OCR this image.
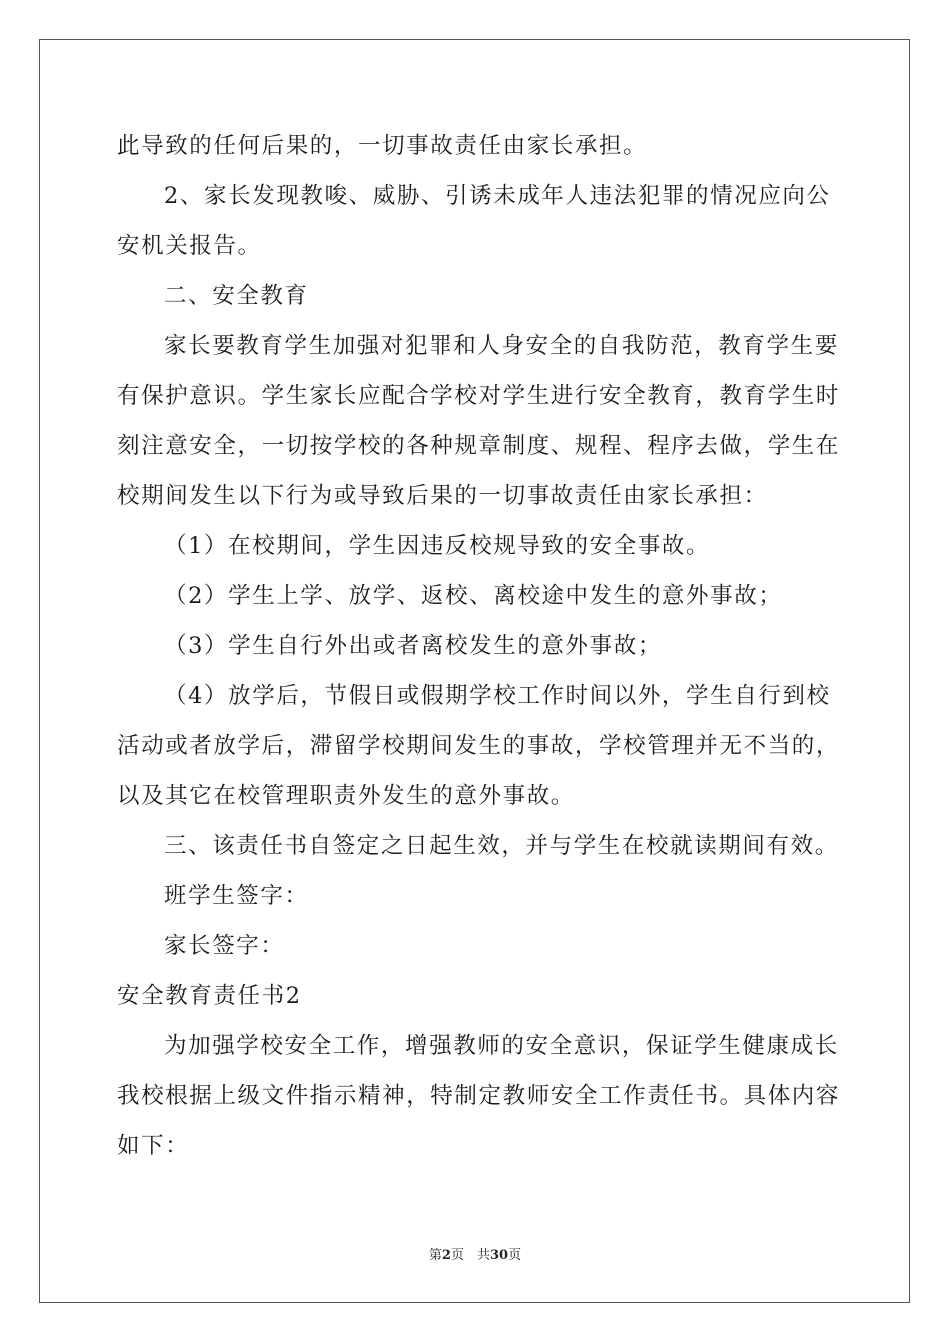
此导致的任何后果的，一切事故责任由家长承担。
2、家长发现教唆、威胁、引诱未成年人违法犯罪的情况应向公
安机关报告。
二、安全教育
家长要教育学生加强对犯罪和人身安全的自我防范，教育学生要
有保护意识。学生家长应配合学校对学生进行安全教育，教育学生时
刻注意安全，一切按学校的各种规章制度、规程、程序去做，学生在
校期间发生以下行为或导致后果的一切事故责任由家长承担：
（1）在校期间，学生因违反校规导致的安全事故。
（2）学生上学、放学、返校、离校途中发生的意外事故；
（3）学生自行外出或者离校发生的意外事故；
（4）放学后，节假日或假期学校工作时间以外，学生自行到校
活动或者放学后，滞留学校期间发生的事故，学校管理并无不当的，
以及其它在校管理职责外发生的意外事故。
三、该责任书自签定之日起生效，并与学生在校就读期间有效。
班学生签字：
家长签字：
安全教育责任书2
为加强学校安全工作，增强教师的安全意识，保证学生健康成长
我校根据上级文件指示精神，特制定教师安全工作责任书。具体内容
如下：
第2页　共30页
